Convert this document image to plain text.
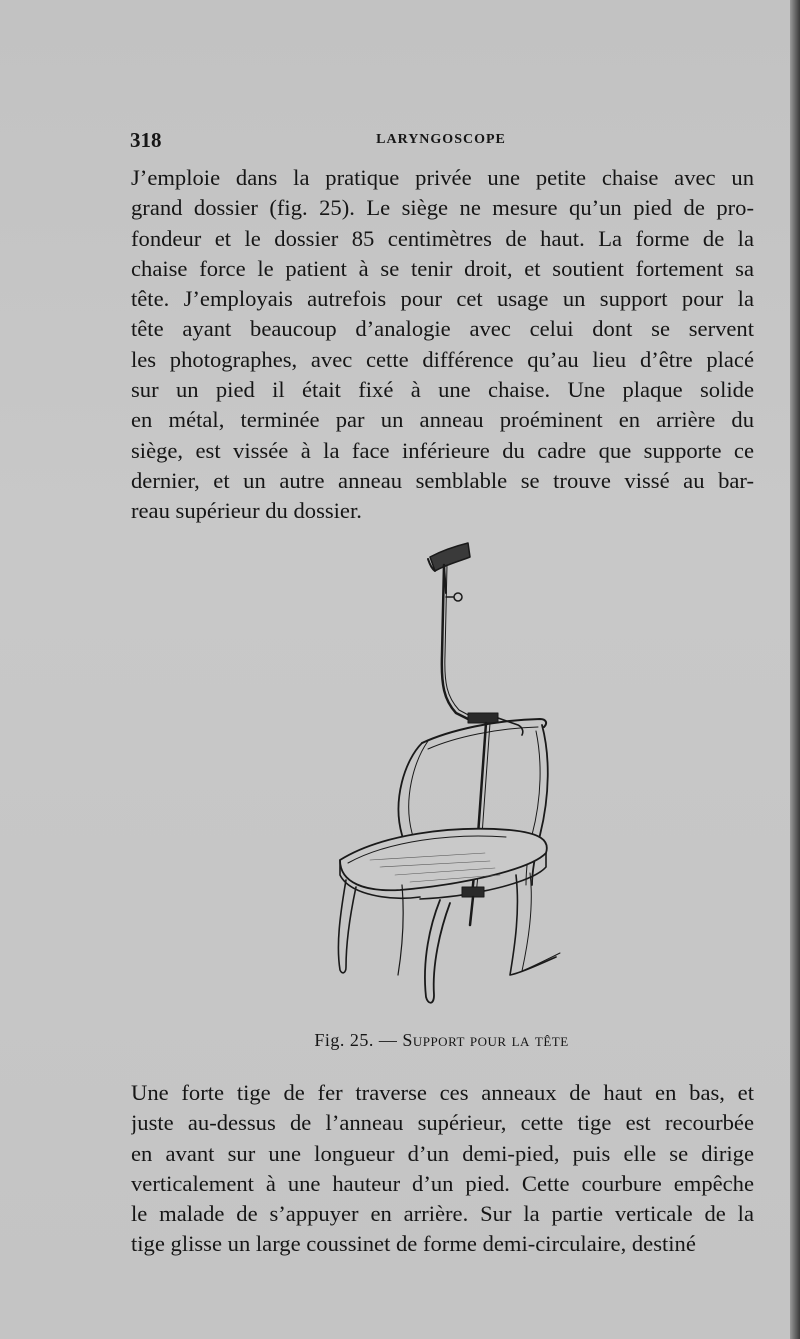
318	LARYNGOSCOPE
J’emploie dans la pratique privée une petite chaise avec un
grand dossier (fig. 25). Le siège ne mesure qu’un pied de pro-
fondeur et le dossier 85 centimètres de haut. La forme de la
chaise force le patient à se tenir droit, et soutient fortement sa
tête. J’employais autrefois pour cet usage un support pour la
tête ayant beaucoup d’analogie avec celui dont se servent
les photographes, avec cette différence qu’au lieu d’être placé
sur un pied il était fixé à une chaise. Une plaque solide
en métal, terminée par un anneau proéminent en arrière du
siège, est vissée à la face inférieure du cadre que supporte ce
dernier, et un autre anneau semblable se trouve vissé au bar-
reau supérieur du dossier.
Fig. 25. — Support pour la tête
Une forte tige de fer traverse ces anneaux de haut en bas, et
juste au-dessus de l’anneau supérieur, cette tige est recourbée
en avant sur une longueur d’un demi-pied, puis elle se dirige
verticalement à une hauteur d’un pied. Cette courbure empêche
le malade de s’appuyer en arrière. Sur la partie verticale de la
tige glisse un large coussinet de forme demi-circulaire, destiné
